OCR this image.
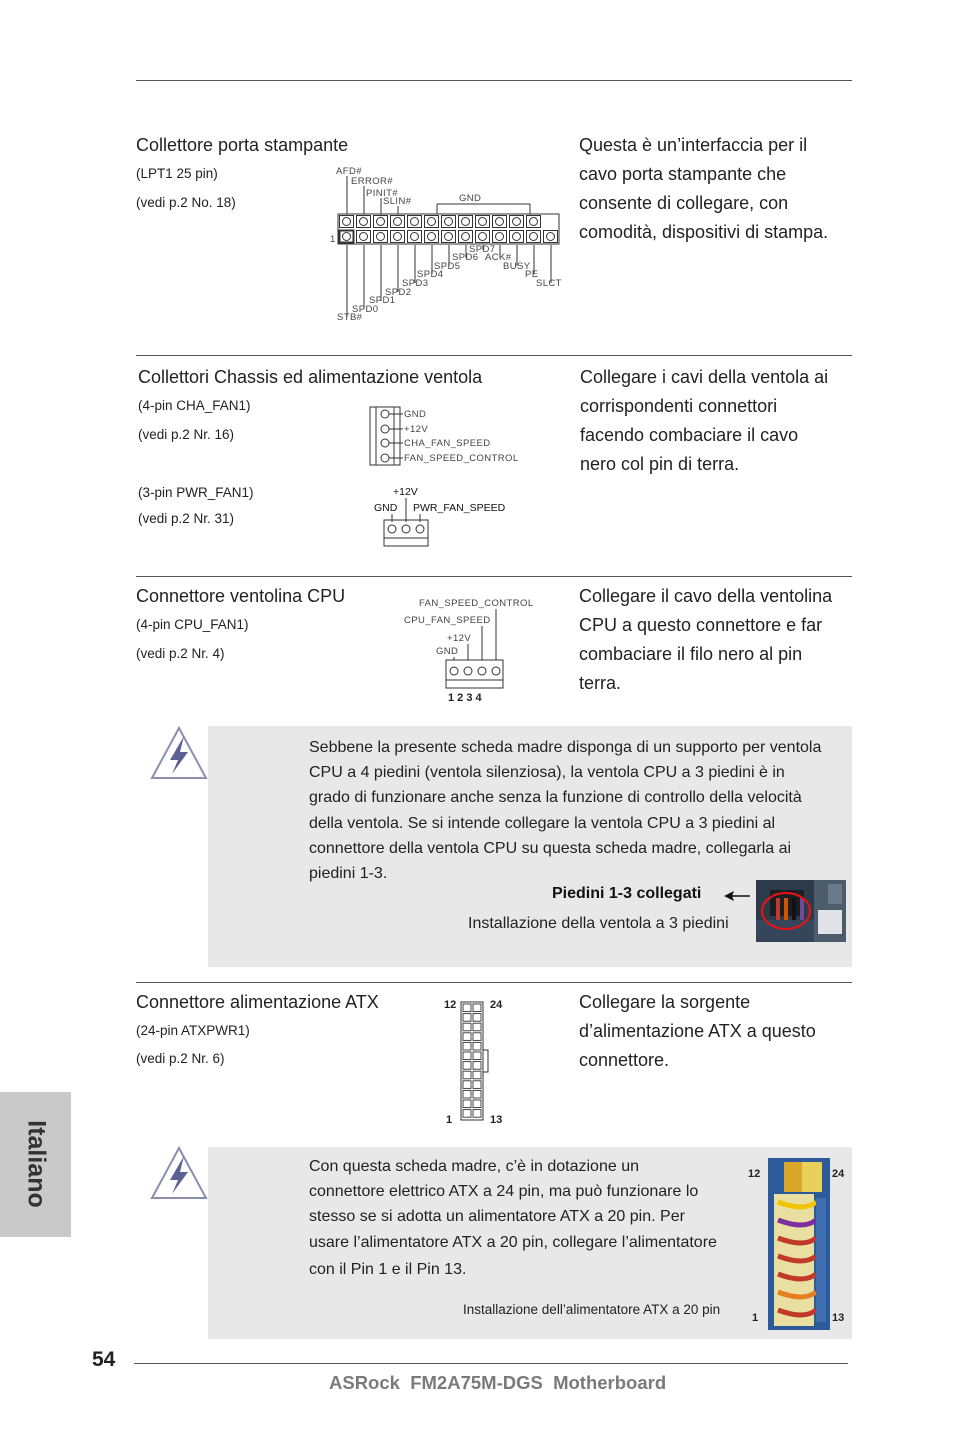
Collettore porta stampante
(LPT1 25 pin)
(vedi p.2 No. 18)
Questa è un’interfaccia per il
cavo porta stampante che
consente di collegare, con
comodità, dispositivi di stampa.
AFD#
ERROR#
PINIT#
SLIN#	GND
1
SPD7
SPD6 ACK#
SPD5	BUSY
SPD4	PE
SPD3	SLCT
SPD2
SPD1
SPD0
STB#
Collettori Chassis ed alimentazione ventola
(4-pin CHA_FAN1)
(vedi p.2 Nr. 16)
(3-pin PWR_FAN1)
(vedi p.2 Nr. 31)
Collegare i cavi della ventola ai
corrispondenti connettori
facendo combaciare il cavo
nero col pin di terra.
GND
+12V
CHA_FAN_SPEED
FAN_SPEED_CONTROL
+12V
GND PWR_FAN_SPEED
Connettore ventolina CPU
(4-pin CPU_FAN1)
(vedi p.2 Nr. 4)
Collegare il cavo della ventolina
CPU a questo connettore e far
combaciare il filo nero al pin
terra.
FAN_SPEED_CONTROL
CPU_FAN_SPEED
+12V
GND
1 2 3 4
Sebbene la presente scheda madre disponga di un supporto per ventola
CPU a 4 piedini (ventola silenziosa), la ventola CPU a 3 piedini è in
grado di funzionare anche senza la funzione di controllo della velocità
della ventola. Se si intende collegare la ventola CPU a 3 piedini al
connettore della ventola CPU su questa scheda madre, collegarla ai
piedini 1-3.
Piedini 1-3 collegati
Installazione della ventola a 3 piedini
Connettore alimentazione ATX
(24-pin ATXPWR1)
(vedi p.2 Nr. 6)
Collegare la sorgente
d’alimentazione ATX a questo
connettore.
12	24
1	13
Con questa scheda madre, c’è in dotazione un
connettore elettrico ATX a 24 pin, ma può funzionare lo
stesso se si adotta un alimentatore ATX a 20 pin. Per
usare l’alimentatore ATX a 20 pin, collegare l’alimentatore
con il Pin 1 e il Pin 13.
Installazione dell’alimentatore ATX a 20 pin
12	24
1	13
Italiano
54
ASRock  FM2A75M-DGS  Motherboard
